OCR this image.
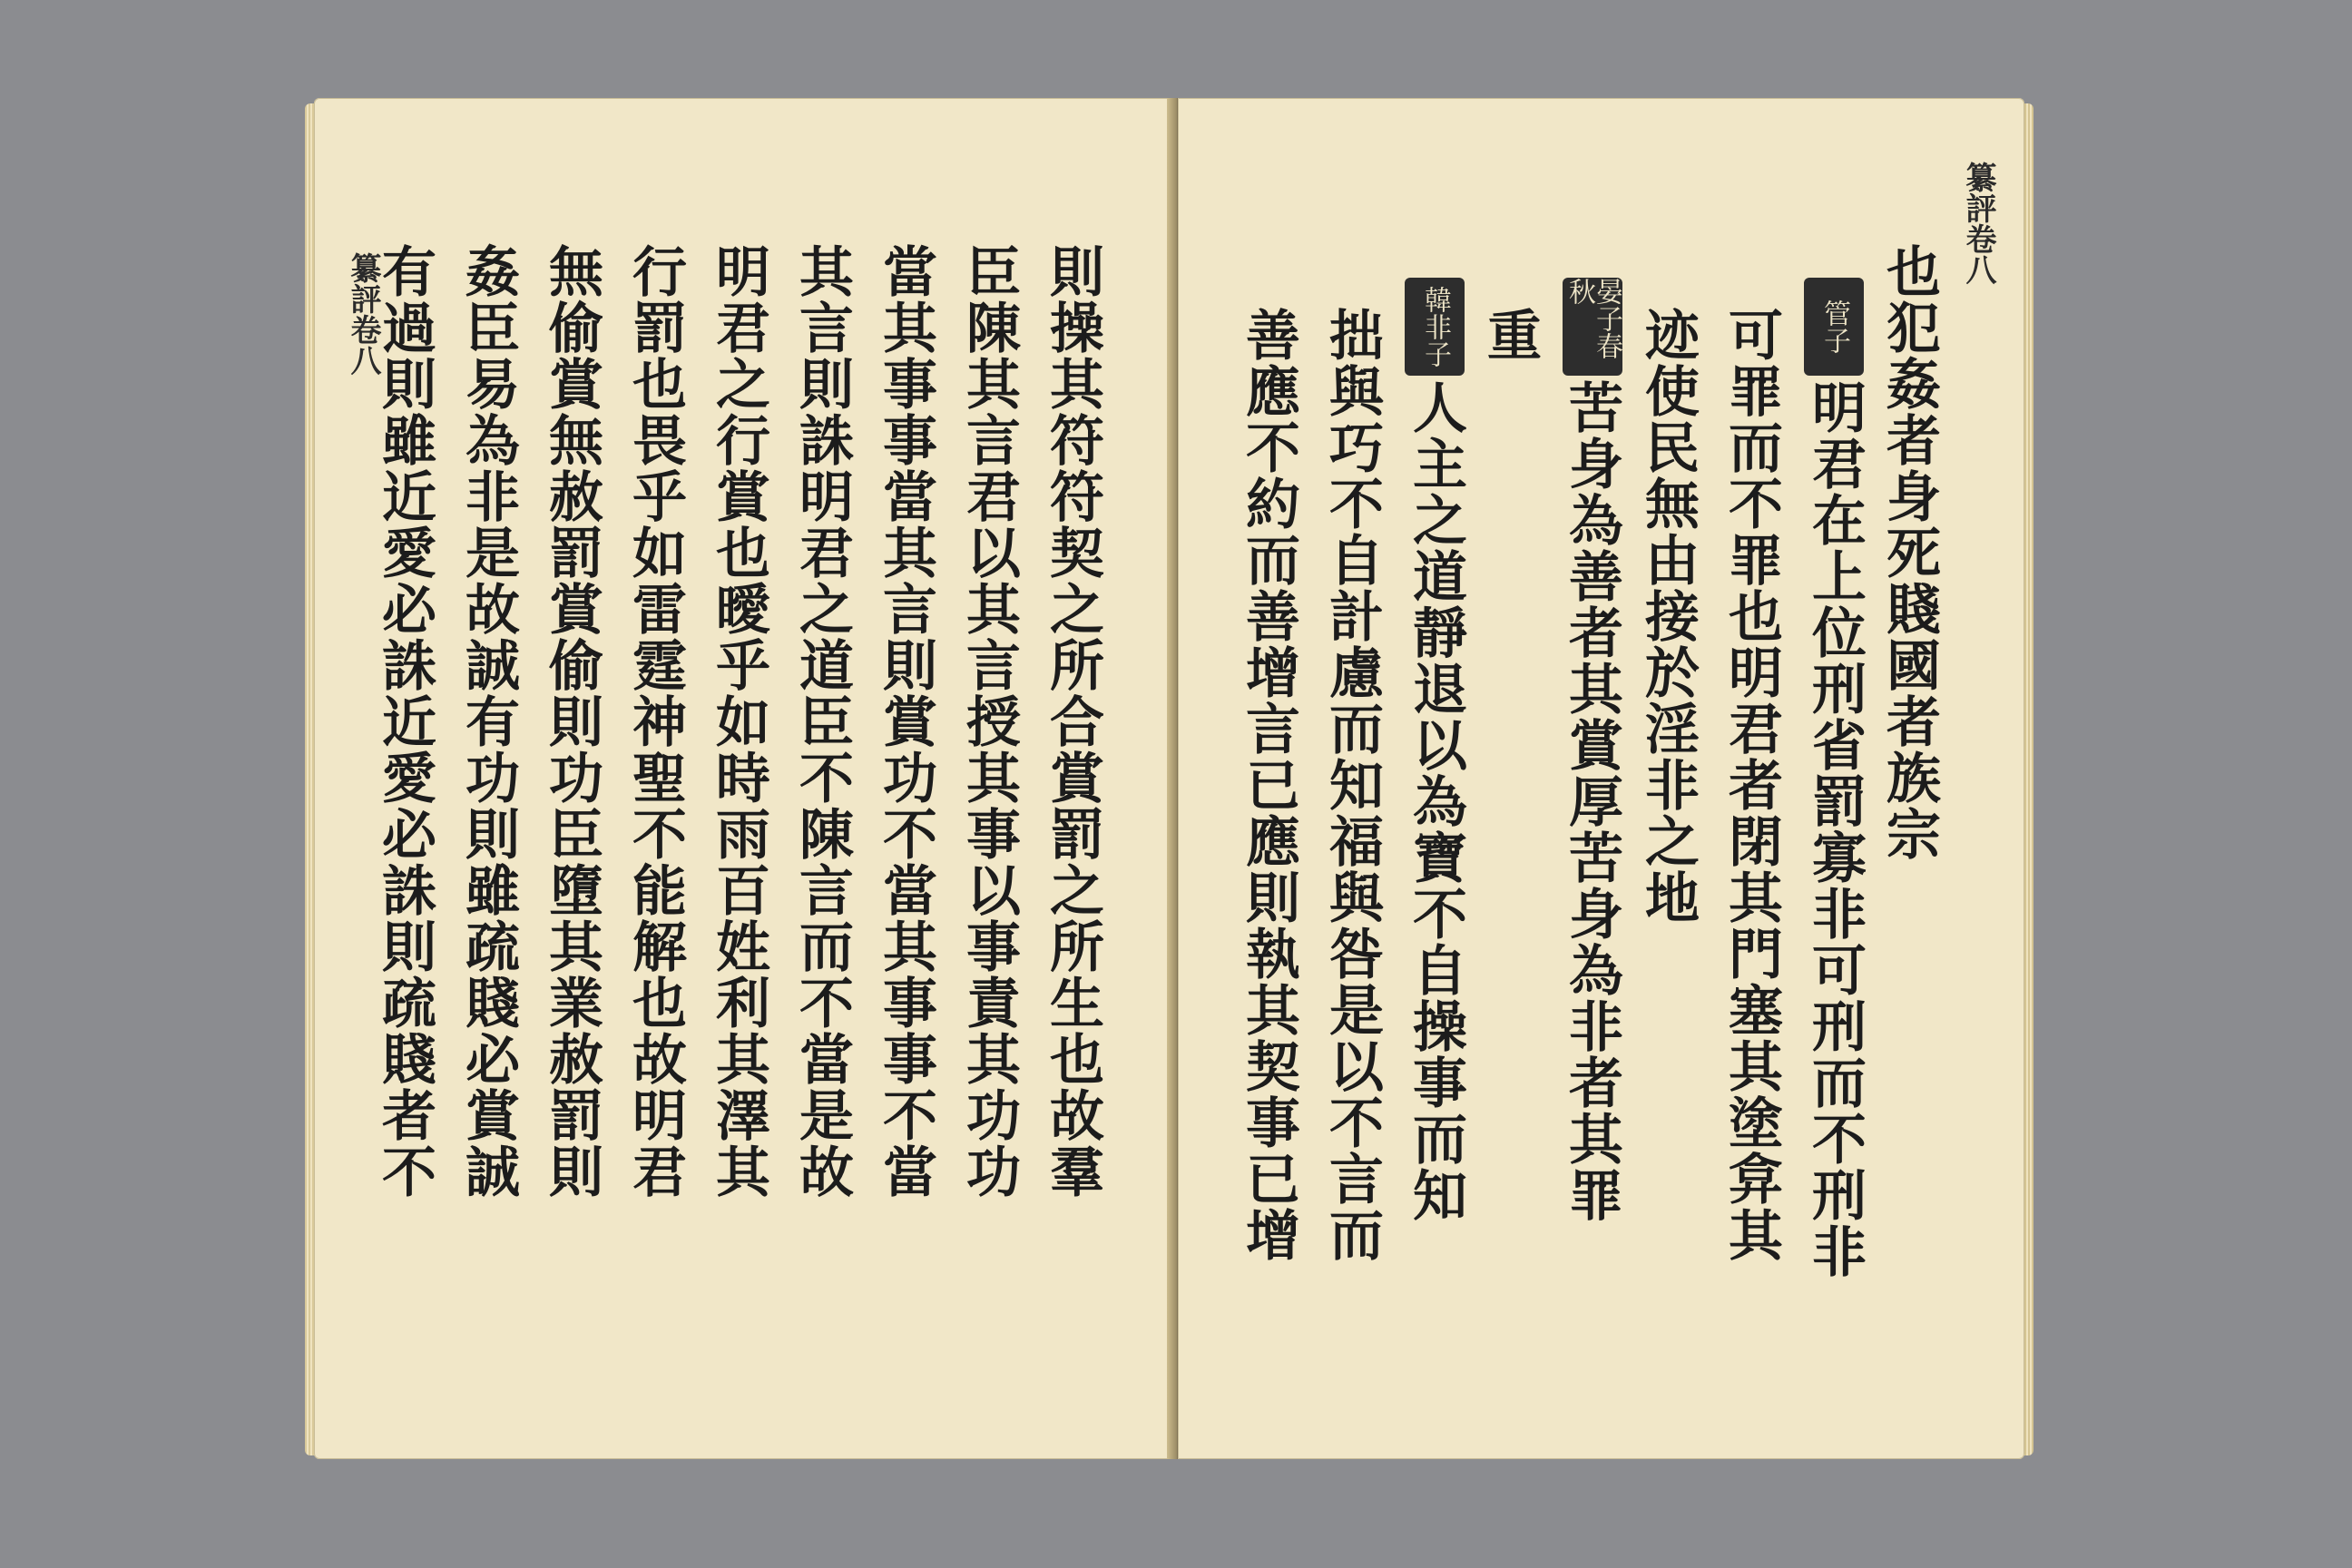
纂評卷八	則操其符符契之所合賞罰之所生也故羣
臣陳其言君以其言授其事以事責其功功
當其事事當其言則賞功不當其事事不當
其言則誅明君之道臣不陳言而不當是故
明君之行賞也曖乎如時雨百姓利其澤其
行罰也畏乎如雷霆神聖不能解也故明君
無偷賞無赦罰賞偷則功臣墮其業赦罰則
姦臣易為非是故誠有功則雖疏賤必賞誠
有過則雖近愛必誅近愛必誅則疏賤者不
纂評卷八
也犯姦者身死賤國者族宗
管子
明君在上位刑省罰寡非可刑而不刑非
可罪而不罪也明君者閉其門塞其塗弇其
迹使民無由接於淫非之地
晏子春秋
苦身為善者其賞厚苦身為非者其罪
重
韓非子
人主之道靜退以為寶不自操事而知
拙與巧不自計慮而知福與咎是以不言而
善應不約而善增言已應則執其契事已增
